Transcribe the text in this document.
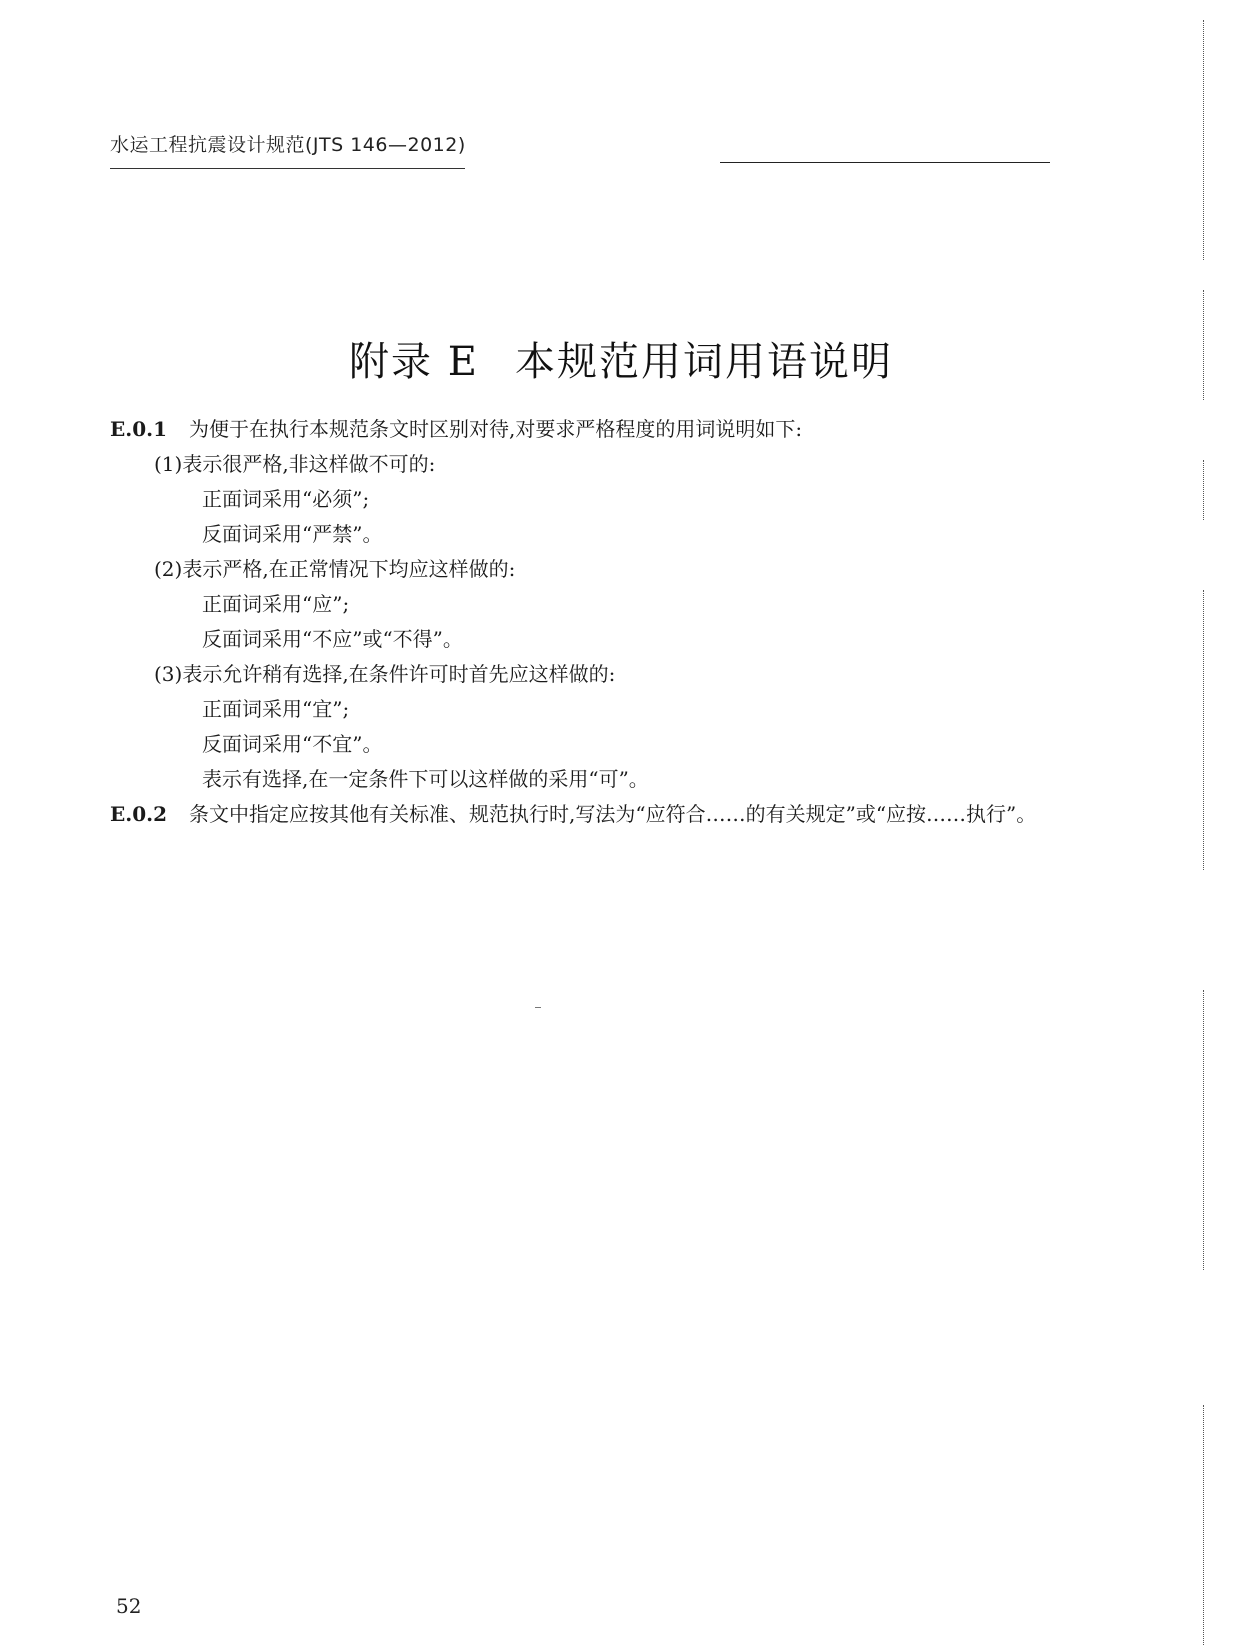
水运工程抗震设计规范(JTS 146—2012)
附录 E 本规范用词用语说明
E.0.1 为便于在执行本规范条文时区别对待,对要求严格程度的用词说明如下:
(1)表示很严格,非这样做不可的:
正面词采用“必须”;
反面词采用“严禁”。
(2)表示严格,在正常情况下均应这样做的:
正面词采用“应”;
反面词采用“不应”或“不得”。
(3)表示允许稍有选择,在条件许可时首先应这样做的:
正面词采用“宜”;
反面词采用“不宜”。
表示有选择,在一定条件下可以这样做的采用“可”。
E.0.2 条文中指定应按其他有关标准、规范执行时,写法为“应符合……的有关规定”或“应按……执行”。
52
